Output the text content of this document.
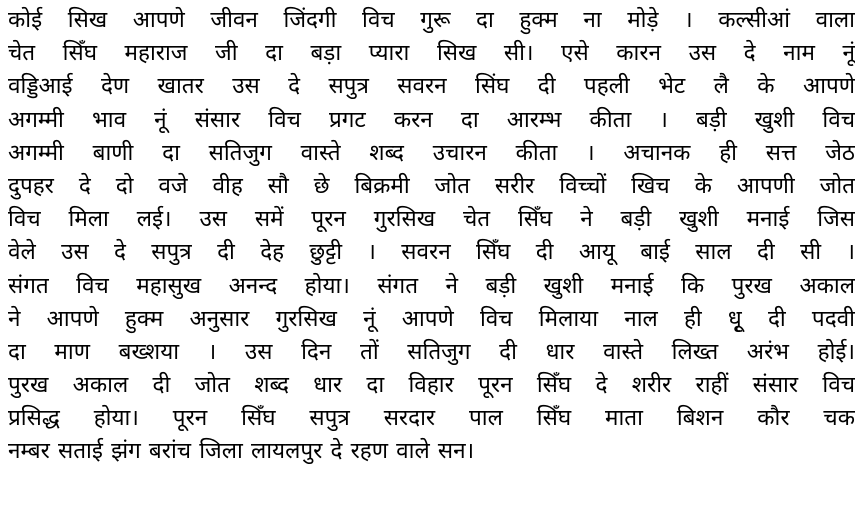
कोई सिख आपणे जीवन जिंदगी विच गुरू दा हुक्म ना मोड़े । कल्सीआं वाला
चेत सिँघ महाराज जी दा बड़ा प्यारा सिख सी। एसे कारन उस दे नाम नूं
वड्डिआई देण खातर उस दे सपुत्र सवरन सिंघ दी पहली भेट लै के आपणे
अगम्मी भाव नूं संसार विच प्रगट करन दा आरम्भ कीता । बड़ी खुशी विच
अगम्मी बाणी दा सतिजुग वास्ते शब्द उचारन कीता । अचानक ही सत्त जेठ
दुपहर दे दो वजे वीह सौ छे बिक्रमी जोत सरीर विच्चों खिच के आपणी जोत
विच मिला लई। उस समें पूरन गुरसिख चेत सिँघ ने बड़ी खुशी मनाई जिस
वेले उस दे सपुत्र दी देह छुट्टी । सवरन सिँघ दी आयू बाई साल दी सी ।
संगत विच महासुख अनन्द होया। संगत ने बड़ी खुशी मनाई कि पुरख अकाल
ने आपणे हुक्म अनुसार गुरसिख नूं आपणे विच मिलाया नाल ही धूृ दी पदवी
दा माण बख्शया । उस दिन तों सतिजुग दी धार वास्ते लिख्त अरंभ होई।
पुरख अकाल दी जोत शब्द धार दा विहार पूरन सिँघ दे शरीर राहीं संसार विच
प्रसिद्ध होया। पूरन सिँघ सपुत्र सरदार पाल सिँघ माता बिशन कौर चक
नम्बर सताई झंग बरांच जिला लायलपुर दे रहण वाले सन।
